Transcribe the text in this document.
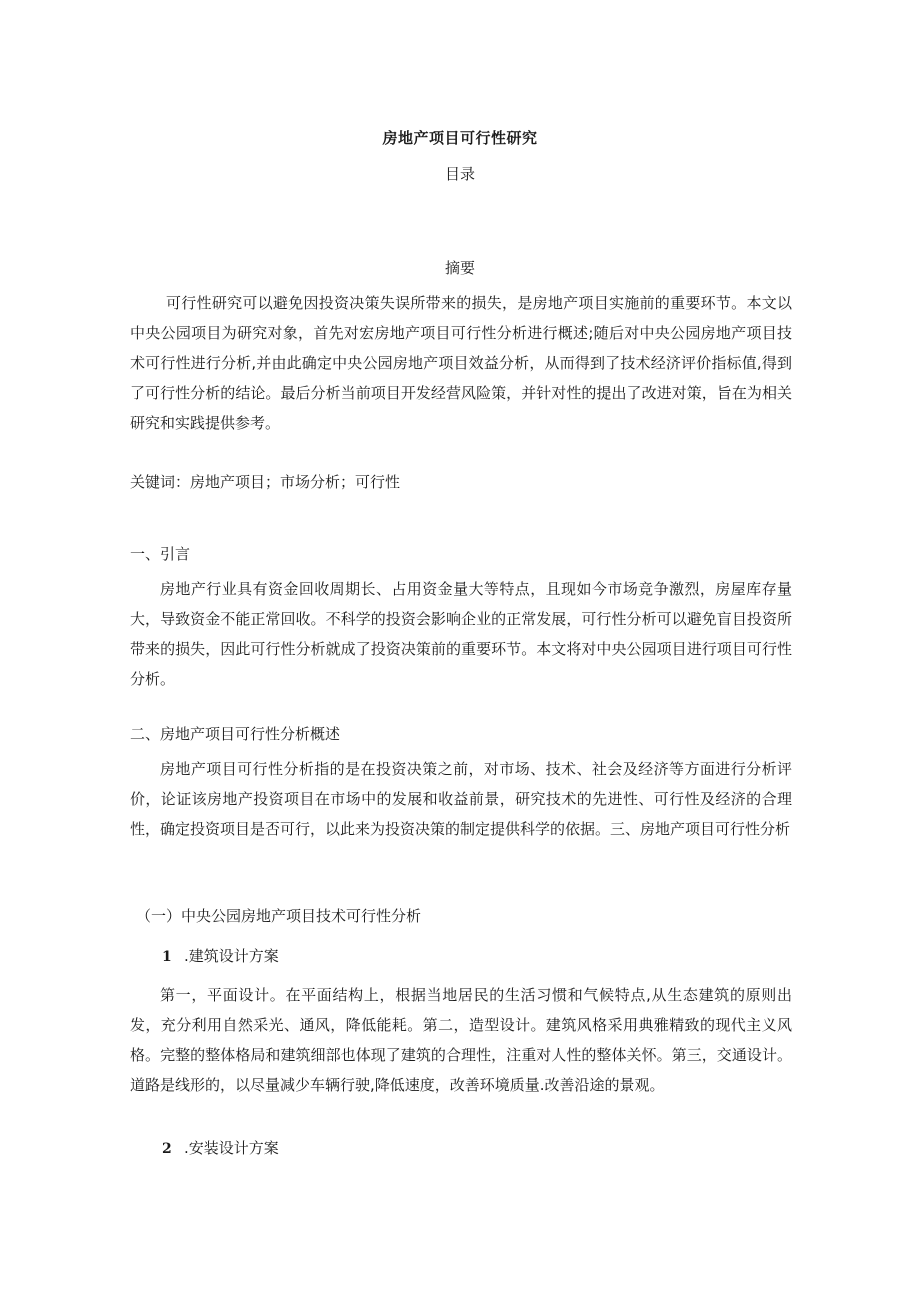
房地产项目可行性研究
目录
摘要

可行性研究可以避免因投资决策失误所带来的损失，是房地产项目实施前的重要环节。本文以中央公园项目为研究对象，首先对宏房地产项目可行性分析进行概述;随后对中央公园房地产项目技术可行性进行分析,并由此确定中央公园房地产项目效益分析，从而得到了技术经济评价指标值,得到了可行性分析的结论。最后分析当前项目开发经营风险策，并针对性的提出了改进对策，旨在为相关研究和实践提供参考。

关键词：房地产项目；市场分析；可行性
一、引言

房地产行业具有资金回收周期长、占用资金量大等特点，且现如今市场竞争激烈，房屋库存量大，导致资金不能正常回收。不科学的投资会影响企业的正常发展，可行性分析可以避免盲目投资所带来的损失，因此可行性分析就成了投资决策前的重要环节。本文将对中央公园项目进行项目可行性分析。

二、房地产项目可行性分析概述

房地产项目可行性分析指的是在投资决策之前，对市场、技术、社会及经济等方面进行分析评价，论证该房地产投资项目在市场中的发展和收益前景，研究技术的先进性、可行性及经济的合理性，确定投资项目是否可行，以此来为投资决策的制定提供科学的依据。三、房地产项目可行性分析

（一）中央公园房地产项目技术可行性分析
1 .建筑设计方案

第一，平面设计。在平面结构上，根据当地居民的生活习惯和气候特点,从生态建筑的原则出发，充分利用自然采光、通风，降低能耗。第二，造型设计。建筑风格采用典雅精致的现代主义风格。完整的整体格局和建筑细部也体现了建筑的合理性，注重对人性的整体关怀。第三，交通设计。道路是线形的，以尽量减少车辆行驶,降低速度，改善环境质量.改善沿途的景观。

2 .安装设计方案
